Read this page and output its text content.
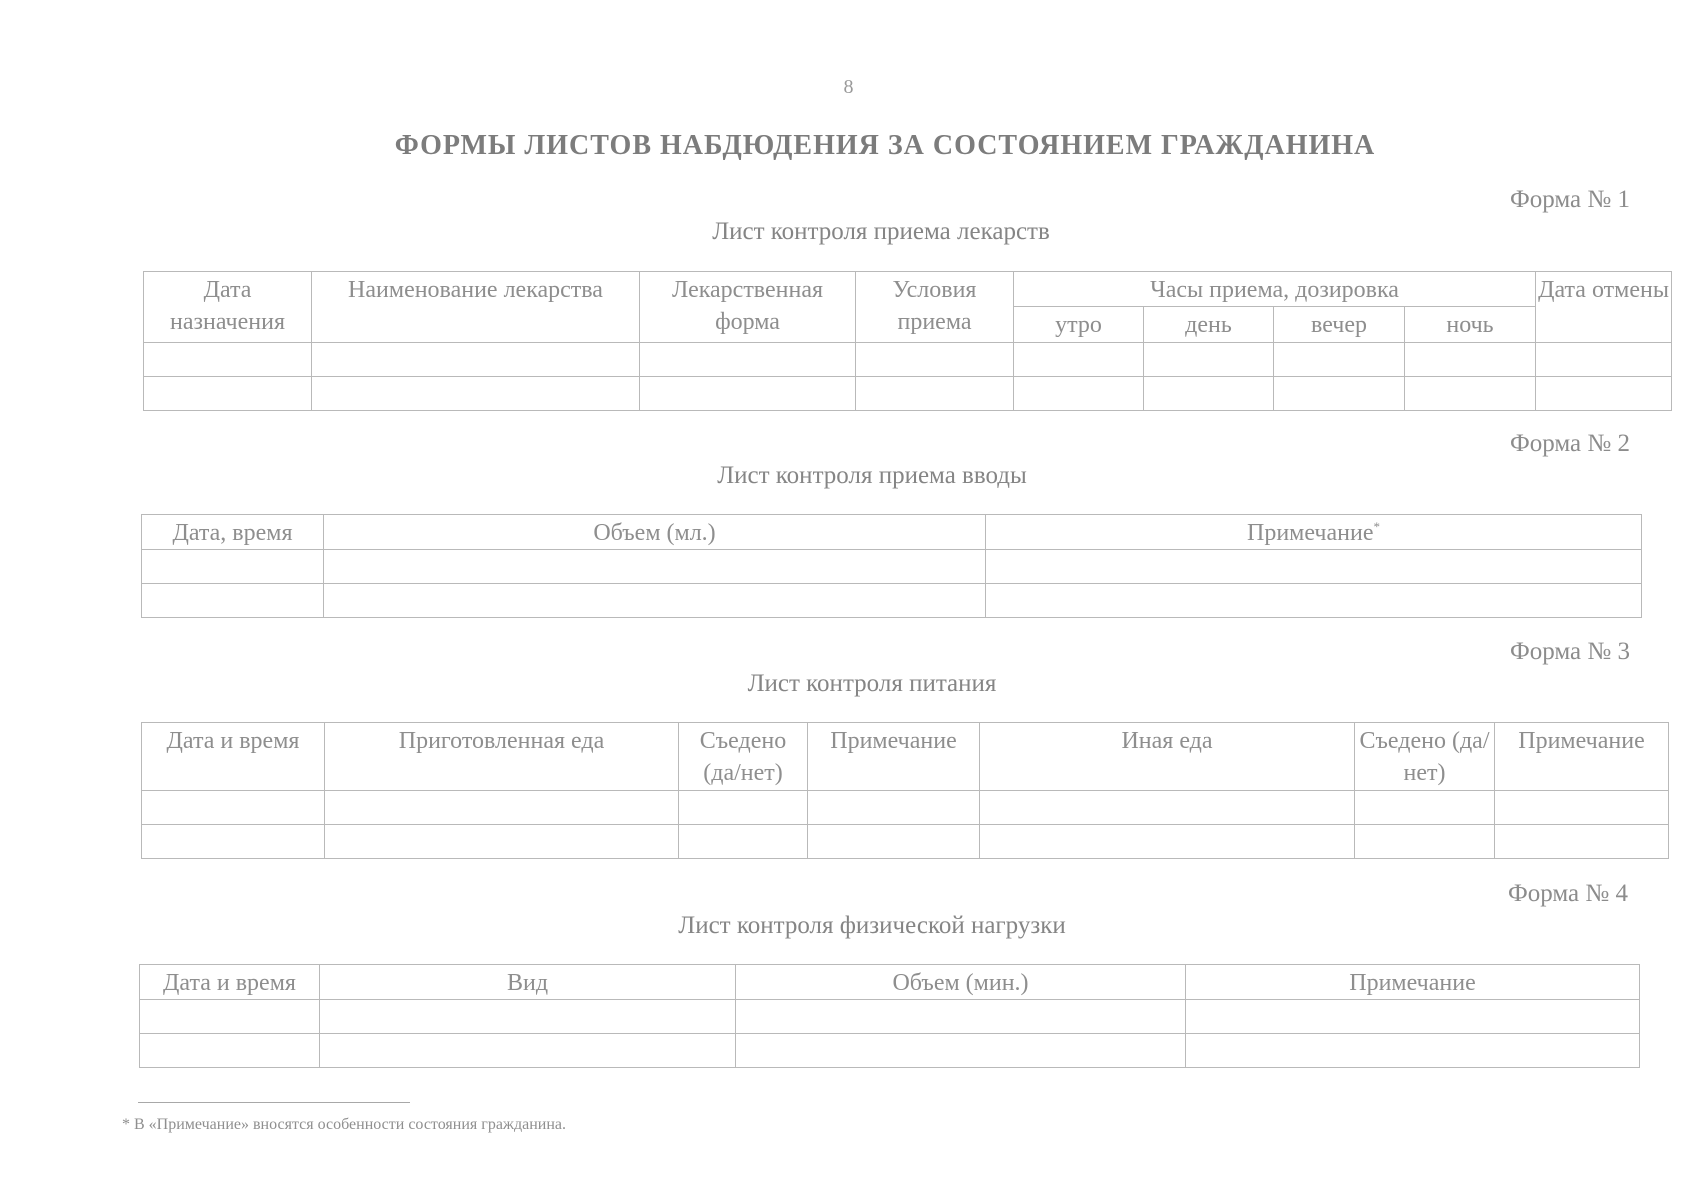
8
ФОРМЫ ЛИСТОВ НАБДЮДЕНИЯ ЗА СОСТОЯНИЕМ ГРАЖДАНИНА
Форма № 1
Лист контроля приема лекарств
Дата назначения	Наименование лекарства	Лекарственная форма	Условия приема	Часы приема, дозировка				Дата отмены
				утро	день	вечер	ночь	

Форма № 2
Лист контроля приема вводы
Дата, время	Объем (мл.)	Примечание*

Форма № 3
Лист контроля питания
Дата и время	Приготовленная еда	Съедено (да/нет)	Примечание	Иная еда	Съедено (да/нет)	Примечание

Форма № 4
Лист контроля физической нагрузки
Дата и время	Вид	Объем (мин.)	Примечание

* В «Примечание» вносятся особенности состояния гражданина.
